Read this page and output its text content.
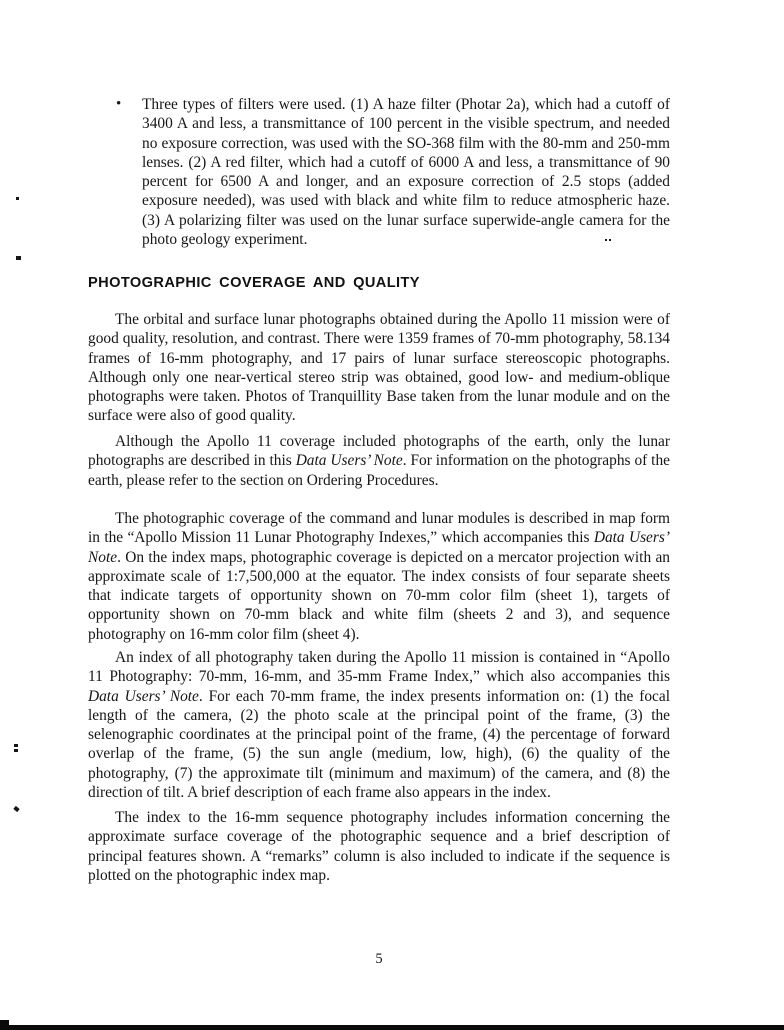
•	Three types of filters were used. (1) A haze filter (Photar 2a), which had a cutoff of 3400 A and less, a transmittance of 100 percent in the visible spectrum, and needed no exposure correction, was used with the SO-368 film with the 80-mm and 250-mm lenses. (2) A red filter, which had a cutoff of 6000 A and less, a transmittance of 90 percent for 6500 A and longer, and an exposure correction of 2.5 stops (added exposure needed), was used with black and white film to reduce atmospheric haze. (3) A polarizing filter was used on the lunar surface superwide-angle camera for the photo geology experiment.
PHOTOGRAPHIC COVERAGE AND QUALITY

The orbital and surface lunar photographs obtained during the Apollo 11 mission were of good quality, resolution, and contrast. There were 1359 frames of 70-mm photography, 58.134 frames of 16-mm photography, and 17 pairs of lunar surface stereoscopic photographs. Although only one near-vertical stereo strip was obtained, good low- and medium-oblique photographs were taken. Photos of Tranquillity Base taken from the lunar module and on the surface were also of good quality.

Although the Apollo 11 coverage included photographs of the earth, only the lunar photographs are described in this Data Users’ Note. For information on the photographs of the earth, please refer to the section on Ordering Procedures.

The photographic coverage of the command and lunar modules is described in map form in the “Apollo Mission 11 Lunar Photography Indexes,” which accompanies this Data Users’ Note. On the index maps, photographic coverage is depicted on a mercator projection with an approximate scale of 1:7,500,000 at the equator. The index consists of four separate sheets that indicate targets of opportunity shown on 70-mm color film (sheet 1), targets of opportunity shown on 70-mm black and white film (sheets 2 and 3), and sequence photography on 16-mm color film (sheet 4).

An index of all photography taken during the Apollo 11 mission is contained in “Apollo 11 Photography: 70-mm, 16-mm, and 35-mm Frame Index,” which also accompanies this Data Users’ Note. For each 70-mm frame, the index presents information on: (1) the focal length of the camera, (2) the photo scale at the principal point of the frame, (3) the selenographic coordinates at the principal point of the frame, (4) the percentage of forward overlap of the frame, (5) the sun angle (medium, low, high), (6) the quality of the photography, (7) the approximate tilt (minimum and maximum) of the camera, and (8) the direction of tilt. A brief description of each frame also appears in the index.

The index to the 16-mm sequence photography includes information concerning the approximate surface coverage of the photographic sequence and a brief description of principal features shown. A “remarks” column is also included to indicate if the sequence is plotted on the photographic index map.

5
